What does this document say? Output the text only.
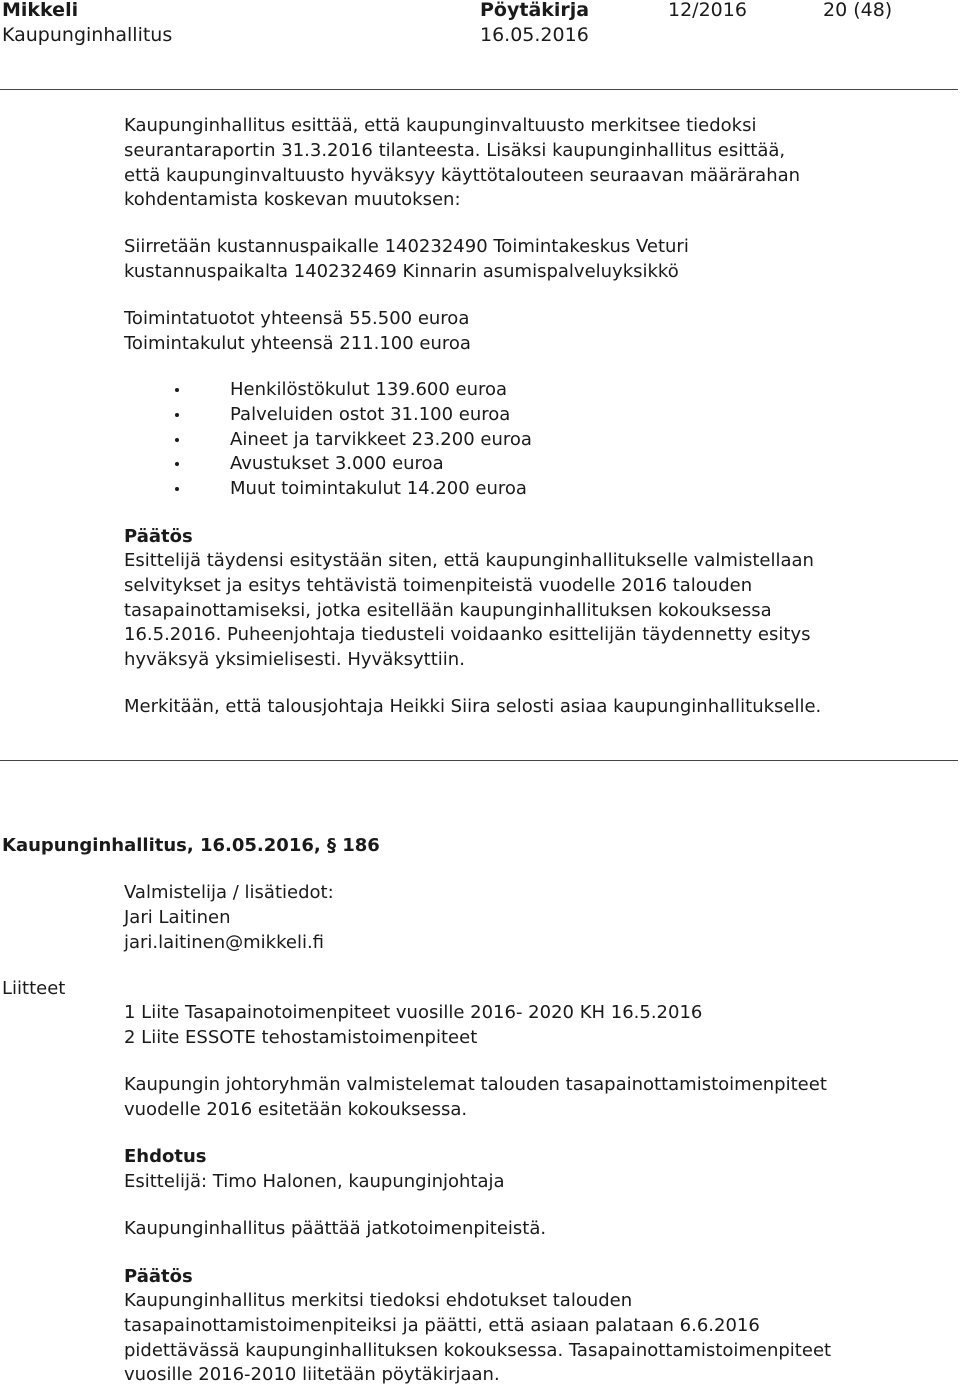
Mikkeli
Kaupunginhallitus
Pöytäkirja
16.05.2016
12/2016	20 (48)
Kaupunginhallitus esittää, että kaupunginvaltuusto merkitsee tiedoksi
seurantaraportin 31.3.2016 tilanteesta. Lisäksi kaupunginhallitus esittää,
että kaupunginvaltuusto hyväksyy käyttötalouteen seuraavan määrärahan
kohdentamista koskevan muutoksen:
Siirretään kustannuspaikalle 140232490 Toimintakeskus Veturi
kustannuspaikalta 140232469 Kinnarin asumispalveluyksikkö
Toimintatuotot yhteensä 55.500 euroa
Toimintakulut yhteensä 211.100 euroa
Henkilöstökulut 139.600 euroa
Palveluiden ostot 31.100 euroa
Aineet ja tarvikkeet 23.200 euroa
Avustukset 3.000 euroa
Muut toimintakulut 14.200 euroa
Päätös
Esittelijä täydensi esitystään siten, että kaupunginhallitukselle valmistellaan
selvitykset ja esitys tehtävistä toimenpiteistä vuodelle 2016 talouden
tasapainottamiseksi, jotka esitellään kaupunginhallituksen kokouksessa
16.5.2016. Puheenjohtaja tiedusteli voidaanko esittelijän täydennetty esitys
hyväksyä yksimielisesti. Hyväksyttiin.
Merkitään, että talousjohtaja Heikki Siira selosti asiaa kaupunginhallitukselle.
Kaupunginhallitus, 16.05.2016, § 186
Valmistelija / lisätiedot:
Jari Laitinen
jari.laitinen@mikkeli.fi
Liitteet
1 Liite Tasapainotoimenpiteet vuosille 2016- 2020 KH 16.5.2016
2 Liite ESSOTE tehostamistoimenpiteet
Kaupungin johtoryhmän valmistelemat talouden tasapainottamistoimenpiteet
vuodelle 2016 esitetään kokouksessa.
Ehdotus
Esittelijä: Timo Halonen, kaupunginjohtaja
Kaupunginhallitus päättää jatkotoimenpiteistä.
Päätös
Kaupunginhallitus merkitsi tiedoksi ehdotukset talouden
tasapainottamistoimenpiteiksi ja päätti, että asiaan palataan 6.6.2016
pidettävässä kaupunginhallituksen kokouksessa. Tasapainottamistoimenpiteet
vuosille 2016-2010 liitetään pöytäkirjaan.
